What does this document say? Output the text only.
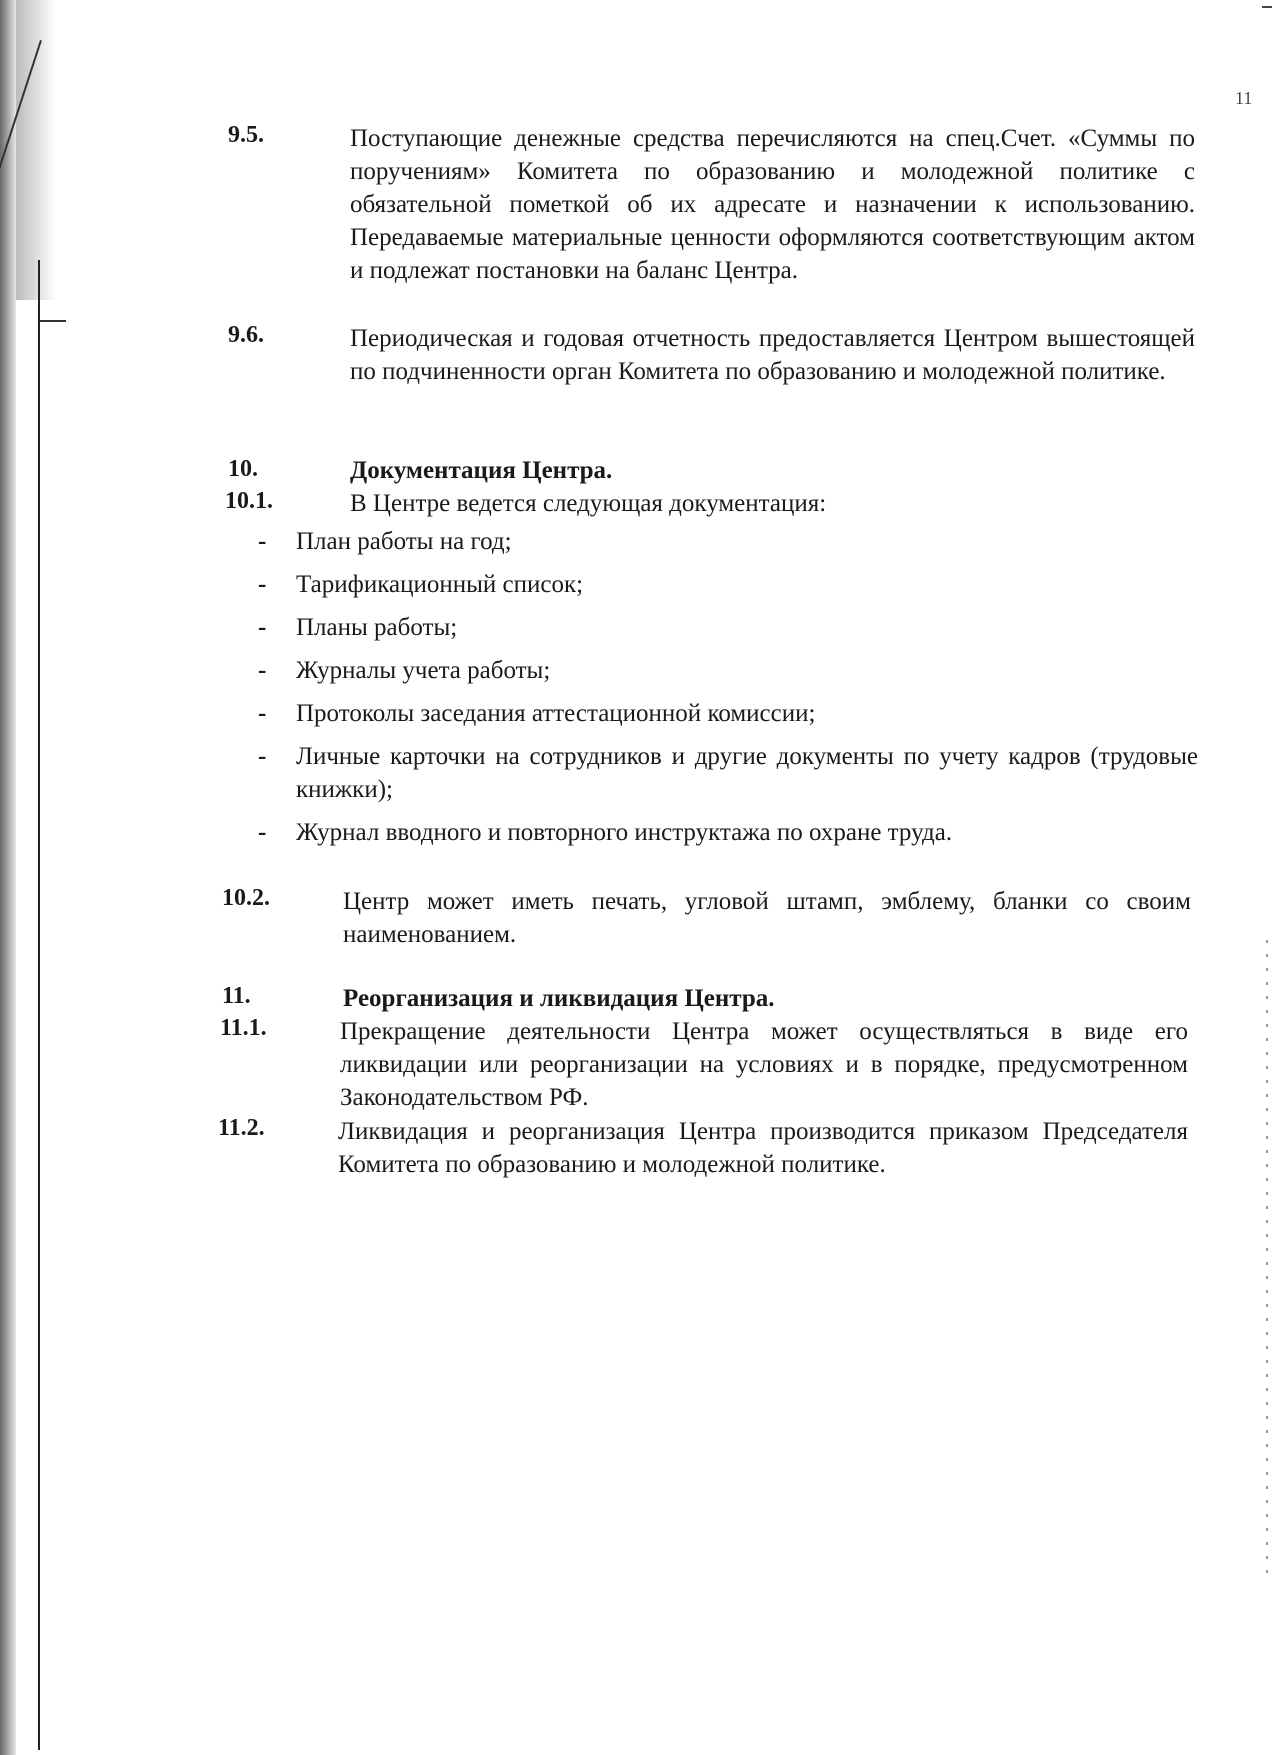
11
9.5.	Поступающие денежные средства перечисляются на спец.Счет. «Суммы по поручениям» Комитета по образованию и молодежной политике с обязательной пометкой об их адресате и назначении к использованию. Передаваемые материальные ценности оформляются соответствующим актом и подлежат постановки на баланс Центра.
9.6.	Периодическая и годовая отчетность предоставляется Центром вышестоящей по подчиненности орган Комитета по образованию и молодежной политике.
10.	Документация Центра.
10.1.	В Центре ведется следующая документация:
- План работы на год;
- Тарификационный список;
- Планы работы;
- Журналы учета работы;
- Протоколы заседания аттестационной комиссии;
- Личные карточки на сотрудников и другие документы по учету кадров (трудовые книжки);
- Журнал вводного и повторного инструктажа по охране труда.
10.2.	Центр может иметь печать, угловой штамп, эмблему, бланки со своим наименованием.
11.	Реорганизация и ликвидация Центра.
11.1.	Прекращение деятельности Центра может осуществляться в виде его ликвидации или реорганизации на условиях и в порядке, предусмотренном Законодательством РФ.
11.2.	Ликвидация и реорганизация Центра производится приказом Председателя Комитета по образованию и молодежной политике.
